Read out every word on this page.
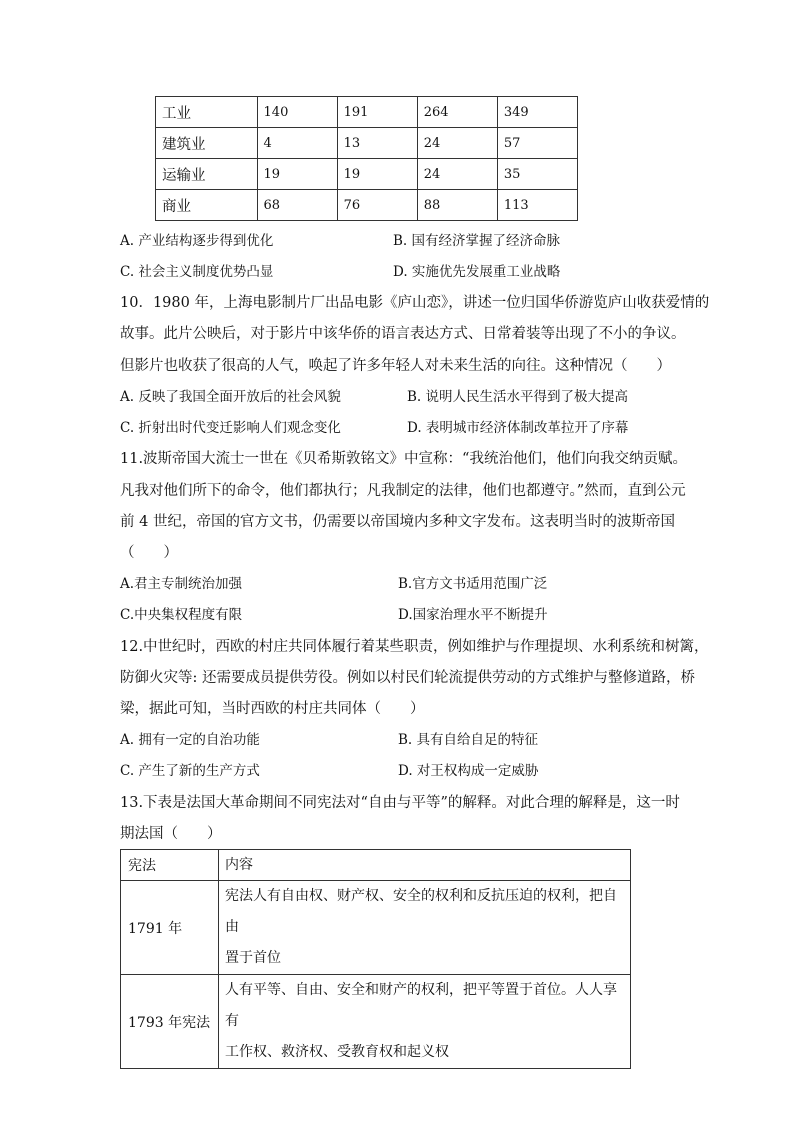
工业	140	191	264	349
建筑业	4	13	24	57
运输业	19	19	24	35
商业	68	76	88	113
A. 产业结构逐步得到优化	B. 国有经济掌握了经济命脉
C. 社会主义制度优势凸显	D. 实施优先发展重工业战略
10．1980 年，上海电影制片厂出品电影《庐山恋》，讲述一位归国华侨游览庐山收获爱情的
故事。此片公映后，对于影片中该华侨的语言表达方式、日常着装等出现了不小的争议。
但影片也收获了很高的人气，唤起了许多年轻人对未来生活的向往。这种情况（　　）
A. 反映了我国全面开放后的社会风貌	B. 说明人民生活水平得到了极大提高
C. 折射出时代变迁影响人们观念变化	D. 表明城市经济体制改革拉开了序幕
11.波斯帝国大流士一世在《贝希斯敦铭文》中宣称：“我统治他们，他们向我交纳贡赋。
凡我对他们所下的命令，他们都执行；凡我制定的法律，他们也都遵守。”然而，直到公元
前 4 世纪，帝国的官方文书，仍需要以帝国境内多种文字发布。这表明当时的波斯帝国
（　　）
A.君主专制统治加强	B.官方文书适用范围广泛
C.中央集权程度有限	D.国家治理水平不断提升
12.中世纪时，西欧的村庄共同体履行着某些职责，例如维护与作理提坝、水利系统和树篱，
防御火灾等: 还需要成员提供劳役。例如以村民们轮流提供劳动的方式维护与整修道路，桥
梁，据此可知，当时西欧的村庄共同体（　　）
A. 拥有一定的自治功能	B. 具有自给自足的特征
C. 产生了新的生产方式	D. 对王权构成一定威胁
13.下表是法国大革命期间不同宪法对“自由与平等”的解释。对此合理的解释是，这一时
期法国（　　）
宪法	内容
1791 年	宪法人有自由权、财产权、安全的权利和反抗压迫的权利，把自由
置于首位

1793 年宪法	人有平等、自由、安全和财产的权利，把平等置于首位。人人享有
工作权、救济权、受教育权和起义权
